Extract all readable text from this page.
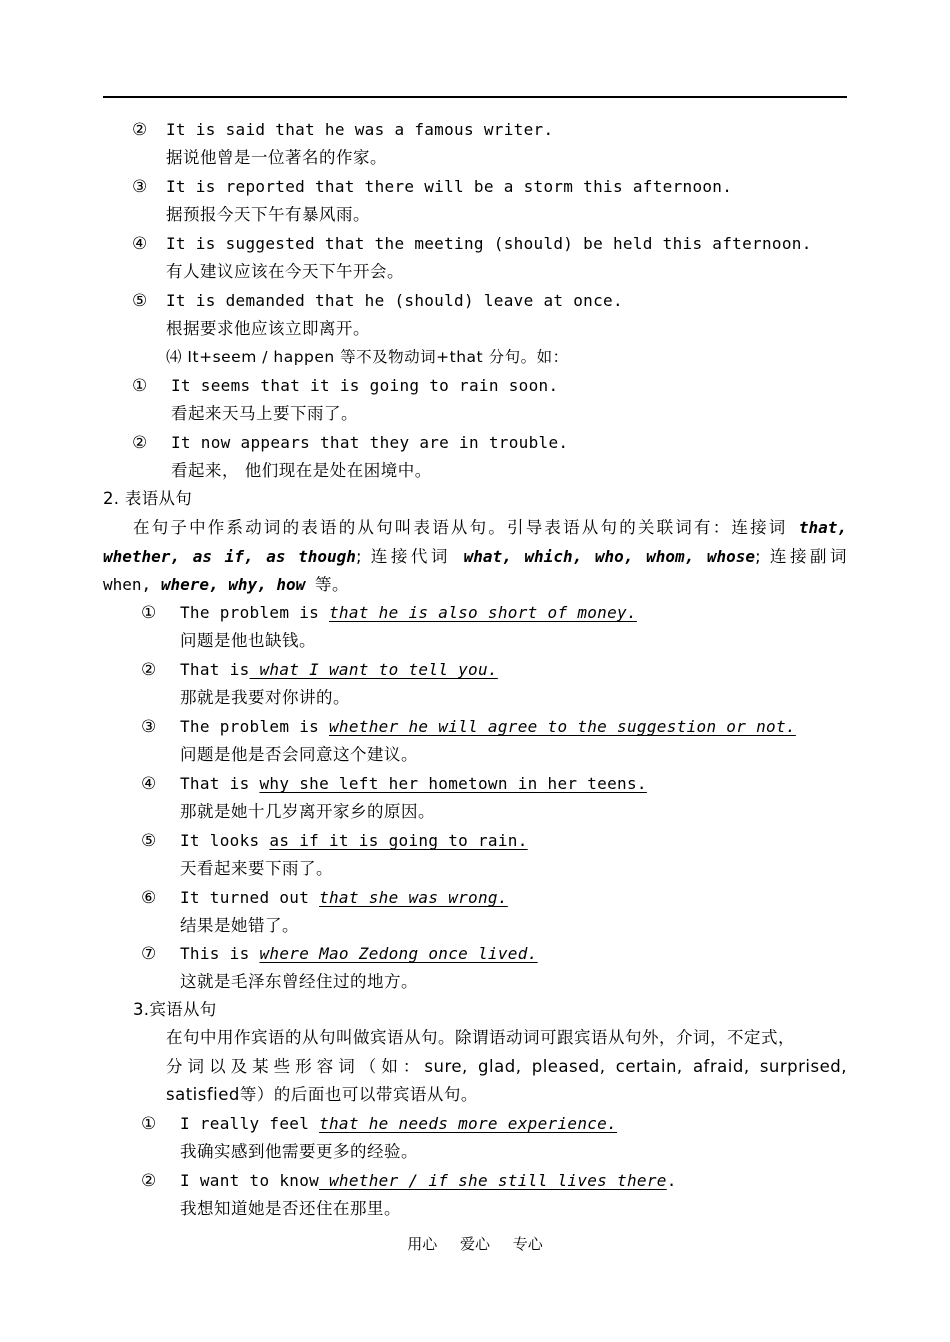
② It is said that he was a famous writer.
据说他曾是一位著名的作家。
③ It is reported that there will be a storm this afternoon.
据预报今天下午有暴风雨。
④ It is suggested that the meeting (should) be held this afternoon.
有人建议应该在今天下午开会。
⑤ It is demanded that he (should) leave at once.
根据要求他应该立即离开。
⑷ It+seem / happen 等不及物动词+that 分句。如：
① It seems that it is going to rain soon.
看起来天马上要下雨了。
② It now appears that they are in trouble.
看起来， 他们现在是处在困境中。
2. 表语从句
在句子中作系动词的表语的从句叫表语从句。引导表语从句的关联词有：连接词 that,
whether, as if, as though; 连接代词 what, which, who, whom, whose; 连接副词
when, where, why, how 等。
① The problem is that he is also short of money.
问题是他也缺钱。
② That is what I want to tell you.
那就是我要对你讲的。
③ The problem is whether he will agree to the suggestion or not.
问题是他是否会同意这个建议。
④ That is why she left her hometown in her teens.
那就是她十几岁离开家乡的原因。
⑤ It looks as if it is going to rain.
天看起来要下雨了。
⑥ It turned out that she was wrong.
结果是她错了。
⑦ This is where Mao Zedong once lived.
这就是毛泽东曾经住过的地方。
3.宾语从句
在句中用作宾语的从句叫做宾语从句。除谓语动词可跟宾语从句外，介词，不定式，
分词以及某些形容词（如：sure, glad, pleased, certain, afraid, surprised,
satisfied等）的后面也可以带宾语从句。
① I really feel that he needs more experience.
我确实感到他需要更多的经验。
② I want to know whether / if she still lives there.
我想知道她是否还住在那里。
用心 爱心 专心
